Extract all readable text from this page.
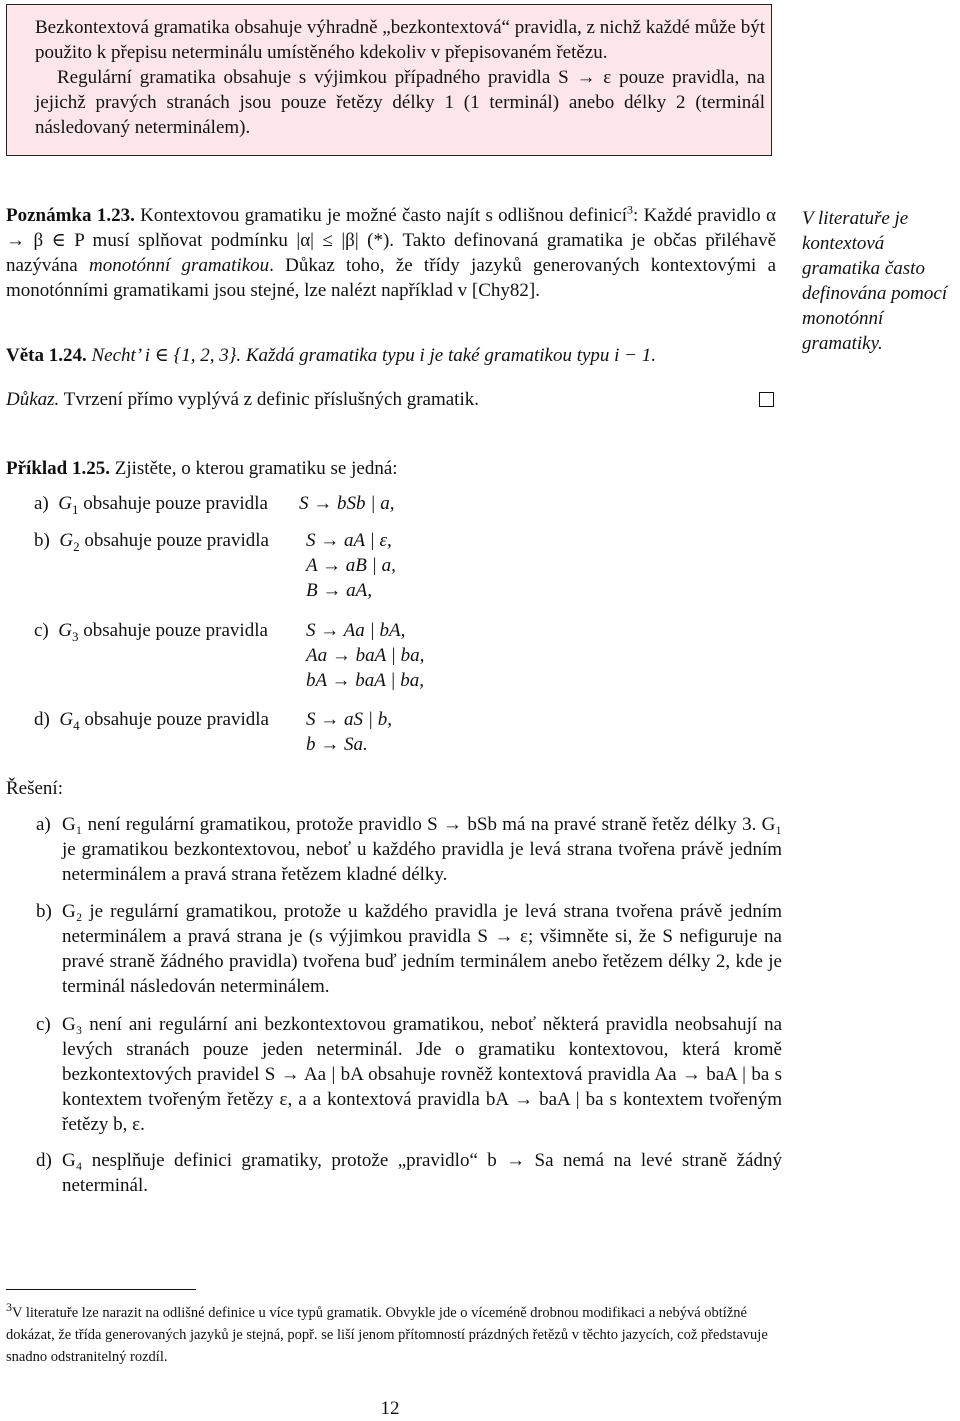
Bezkontextová gramatika obsahuje výhradně „bezkontextová“ pravidla, z nichž každé může být použito k přepisu neterminálu umístěného kdekoliv v přepisovaném řetězu.

Regulární gramatika obsahuje s výjimkou případného pravidla S → ε pouze pravidla, na jejichž pravých stranách jsou pouze řetězy délky 1 (1 terminál) anebo délky 2 (terminál následovaný neterminálem).

Poznámka 1.23. Kontextovou gramatiku je možné často najít s odlišnou definicí$^3$: Každé pravidlo α → β ∈ P musí splňovat podmínku |α| ≤ |β| (*). Takto definovaná gramatika je občas přiléhavě nazývána monotónní gramatikou. Důkaz toho, že třídy jazyků generovaných kontextovými a monotónními gramatikami jsou stejné, lze nalézt například v [Chy82].

V literatuře je kontextová gramatika často definována pomocí monotónní gramatiky.

Věta 1.24. Necht’ i ∈ {1, 2, 3}. Každá gramatika typu i je také gramatikou typu i − 1.

Důkaz. Tvrzení přímo vyplývá z definic příslušných gramatik.

Příklad 1.25. Zjistěte, o kterou gramatiku se jedná:

a) $G_1$ obsahuje pouze pravidla S → bSb | a,
b) $G_2$ obsahuje pouze pravidla S → aA | ε,
A → aB | a,
B → aA,
c) $G_3$ obsahuje pouze pravidla S → Aa | bA,
Aa → baA | ba,
bA → baA | ba,
d) $G_4$ obsahuje pouze pravidla S → aS | b,
b → Sa.
Řešení:
a) G₁ není regulární gramatikou, protože pravidlo S → bSb má na pravé straně řetěz délky 3. G₁ je gramatikou bezkontextovou, neboť u každého pravidla je levá strana tvořena právě jedním neterminálem a pravá strana řetězem kladné délky.
b) G₂ je regulární gramatikou, protože u každého pravidla je levá strana tvořena právě jedním neterminálem a pravá strana je (s výjimkou pravidla S → ε; všimněte si, že S nefiguruje na pravé straně žádného pravidla) tvořena buď jedním terminálem anebo řetězem délky 2, kde je terminál následován neterminálem.
c) G₃ není ani regulární ani bezkontextovou gramatikou, neboť některá pravidla neobsahují na levých stranách pouze jeden neterminál. Jde o gramatiku kontextovou, která kromě bezkontextových pravidel S → Aa | bA obsahuje rovněž kontextová pravidla Aa → baA | ba s kontextem tvořeným řetězy ε, a a kontextová pravidla bA → baA | ba s kontextem tvořeným řetězy b, ε.
d) G₄ nesplňuje definici gramatiky, protože „pravidlo“ b → Sa nemá na levé straně žádný neterminál.
$^3$V literatuře lze narazit na odlišné definice u více typů gramatik. Obvykle jde o víceméně drobnou modifikaci a nebývá obtížné dokázat, že třída generovaných jazyků je stejná, popř. se liší jenom přítomností prázdných řetězů v těchto jazycích, což představuje snadno odstranitelný rozdíl.
12
